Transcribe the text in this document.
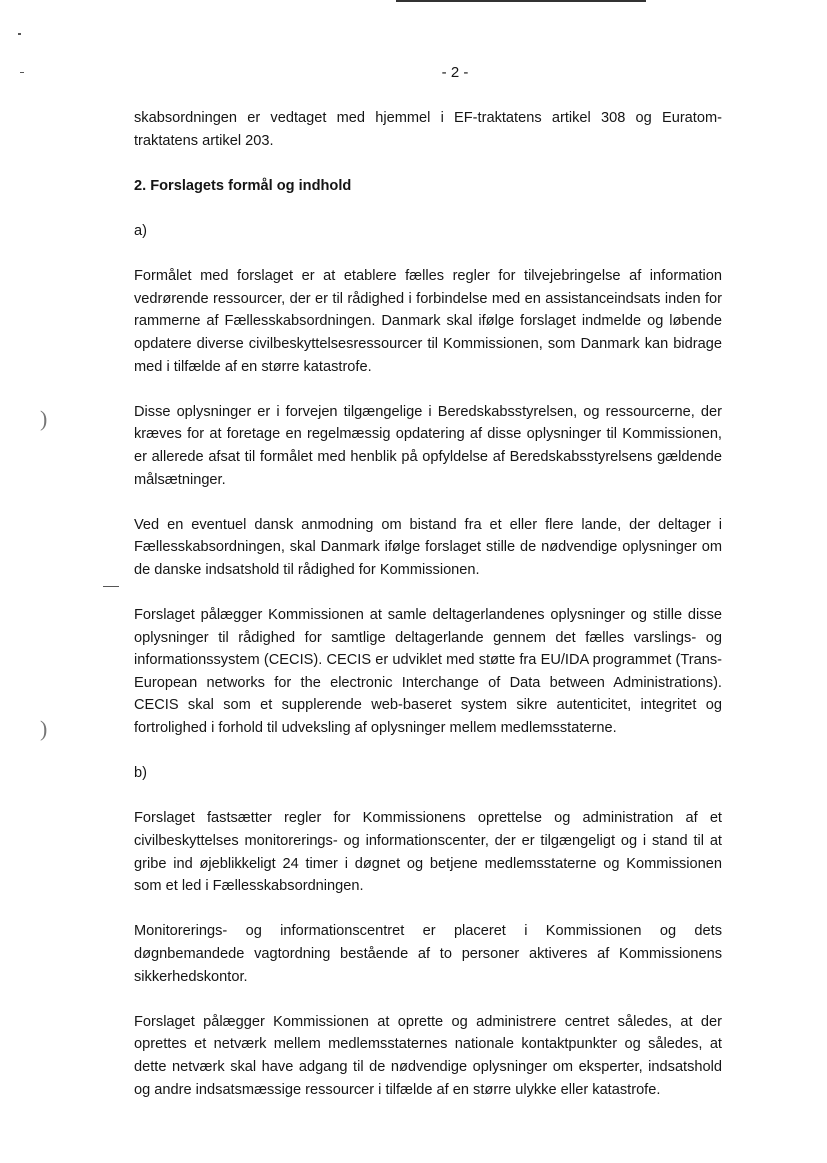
)
)
- 2 -

skabsordningen er vedtaget med hjemmel i EF-traktatens artikel 308 og Euratom-traktatens artikel 203.

2. Forslagets formål og indhold

a)

Formålet med forslaget er at etablere fælles regler for tilvejebringelse af information vedrørende ressourcer, der er til rådighed i forbindelse med en assistanceindsats inden for rammerne af Fællesskabsordningen. Danmark skal ifølge forslaget indmelde og løbende opdatere diverse civilbeskyttelsesressourcer til Kommissionen, som Danmark kan bidrage med i tilfælde af en større katastrofe.

Disse oplysninger er i forvejen tilgængelige i Beredskabsstyrelsen, og ressourcerne, der kræves for at foretage en regelmæssig opdatering af disse oplysninger til Kommissionen, er allerede afsat til formålet med henblik på opfyldelse af Beredskabsstyrelsens gældende målsætninger.

Ved en eventuel dansk anmodning om bistand fra et eller flere lande, der deltager i Fællesskabsordningen, skal Danmark ifølge forslaget stille de nødvendige oplysninger om de danske indsatshold til rådighed for Kommissionen.

Forslaget pålægger Kommissionen at samle deltagerlandenes oplysninger og stille disse oplysninger til rådighed for samtlige deltagerlande gennem det fælles varslings- og informationssystem (CECIS). CECIS er udviklet med støtte fra EU/IDA programmet (Trans-European networks for the electronic Interchange of Data between Administrations). CECIS skal som et supplerende web-baseret system sikre autenticitet, integritet og fortrolighed i forhold til udveksling af oplysninger mellem medlemsstaterne.

b)

Forslaget fastsætter regler for Kommissionens oprettelse og administration af et civilbeskyttelses monitorerings- og informationscenter, der er tilgængeligt og i stand til at gribe ind øjeblikkeligt 24 timer i døgnet og betjene medlemsstaterne og Kommissionen som et led i Fællesskabsordningen.

Monitorerings- og informationscentret er placeret i Kommissionen og dets døgnbemandede vagtordning bestående af to personer aktiveres af Kommissionens sikkerhedskontor.

Forslaget pålægger Kommissionen at oprette og administrere centret således, at der oprettes et netværk mellem medlemsstaternes nationale kontaktpunkter og således, at dette netværk skal have adgang til de nødvendige oplysninger om eksperter, indsatshold og andre indsatsmæssige ressourcer i tilfælde af en større ulykke eller katastrofe.
